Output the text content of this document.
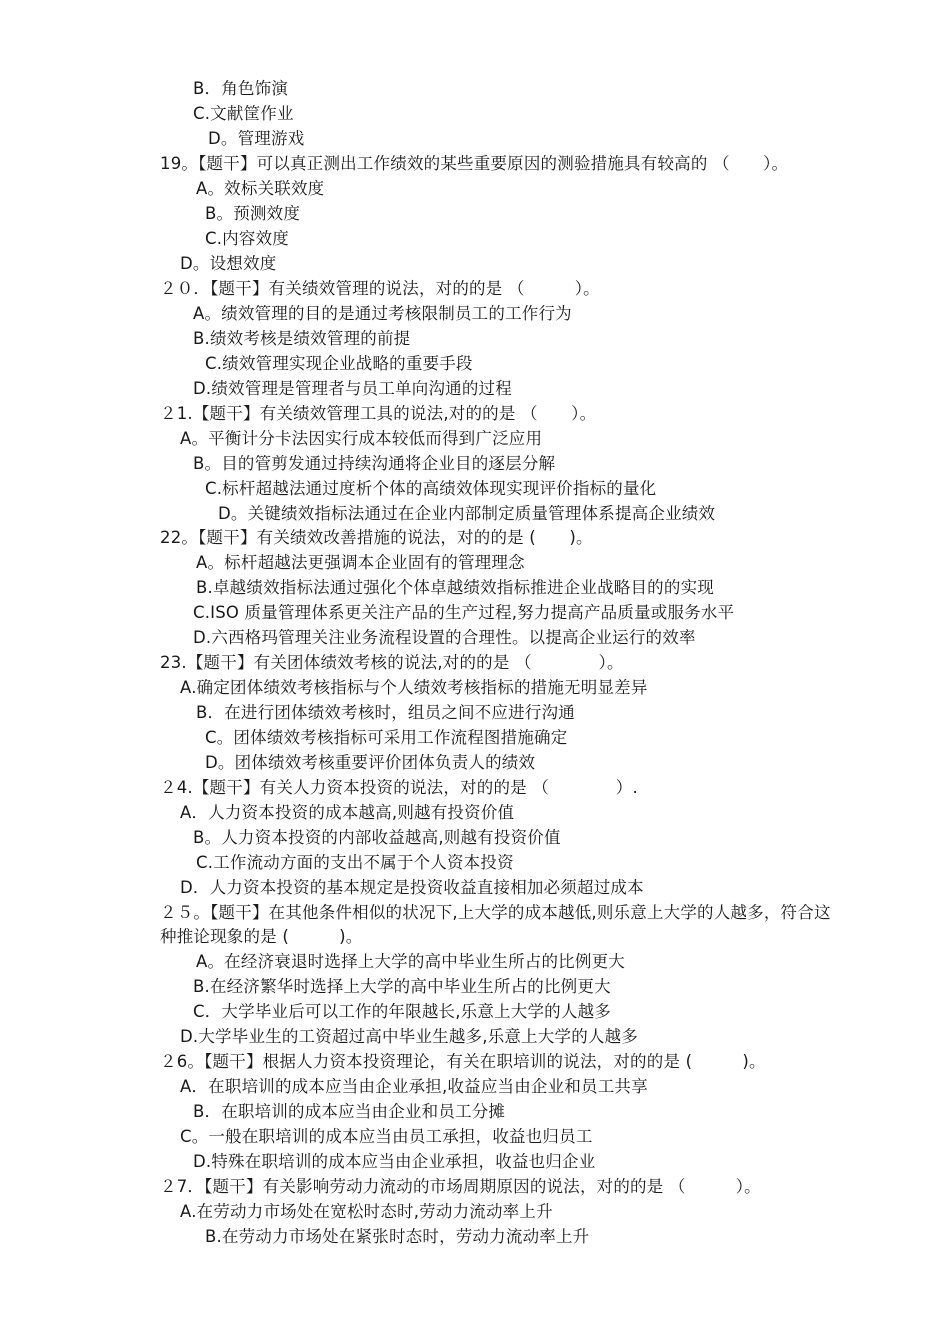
B．角色饰演
C.文献筐作业
D。管理游戏
19。【题干】可以真正测出工作绩效的某些重要原因的测验措施具有较高的 （　　）。
A。效标关联效度
B。预测效度
C.内容效度
D。设想效度
２０．【题干】有关绩效管理的说法，对的的是 （　　　）。
A。绩效管理的目的是通过考核限制员工的工作行为
B.绩效考核是绩效管理的前提
C.绩效管理实现企业战略的重要手段
D.绩效管理是管理者与员工单向沟通的过程
２1.【题干】有关绩效管理工具的说法,对的的是 （　　）。
A。平衡计分卡法因实行成本较低而得到广泛应用
B。目的管剪发通过持续沟通将企业目的逐层分解
C.标杆超越法通过度析个体的高绩效体现实现评价指标的量化
D。关键绩效指标法通过在企业内部制定质量管理体系提高企业绩效
22。【题干】有关绩效改善措施的说法，对的的是 (　　)。
A。标杆超越法更强调本企业固有的管理理念
B.卓越绩效指标法通过强化个体卓越绩效指标推进企业战略目的的实现
C.ISO 质量管理体系更关注产品的生产过程,努力提高产品质量或服务水平
D.六西格玛管理关注业务流程设置的合理性。以提高企业运行的效率
23.【题干】有关团体绩效考核的说法,对的的是 （　　　　）。
A.确定团体绩效考核指标与个人绩效考核指标的措施无明显差异
B．在进行团体绩效考核时，组员之间不应进行沟通
C。团体绩效考核指标可采用工作流程图措施确定
D。团体绩效考核重要评价团体负责人的绩效
２4.【题干】有关人力资本投资的说法，对的的是 （　　　　）.
A．人力资本投资的成本越高,则越有投资价值
B。人力资本投资的内部收益越高,则越有投资价值
C.工作流动方面的支出不属于个人资本投资
D．人力资本投资的基本规定是投资收益直接相加必须超过成本
２５。【题干】在其他条件相似的状况下,上大学的成本越低,则乐意上大学的人越多，符合这
种推论现象的是 (　　　)。
A。在经济衰退时选择上大学的高中毕业生所占的比例更大
B.在经济繁华时选择上大学的高中毕业生所占的比例更大
C．大学毕业后可以工作的年限越长,乐意上大学的人越多
D.大学毕业生的工资超过高中毕业生越多,乐意上大学的人越多
２6。【题干】根据人力资本投资理论，有关在职培训的说法，对的的是 (　　　)。
A．在职培训的成本应当由企业承担,收益应当由企业和员工共享
B．在职培训的成本应当由企业和员工分摊
C。一般在职培训的成本应当由员工承担，收益也归员工
D.特殊在职培训的成本应当由企业承担，收益也归企业
２7．【题干】有关影响劳动力流动的市场周期原因的说法，对的的是 （　　　）。
A.在劳动力市场处在宽松时态时,劳动力流动率上升
B.在劳动力市场处在紧张时态时，劳动力流动率上升
